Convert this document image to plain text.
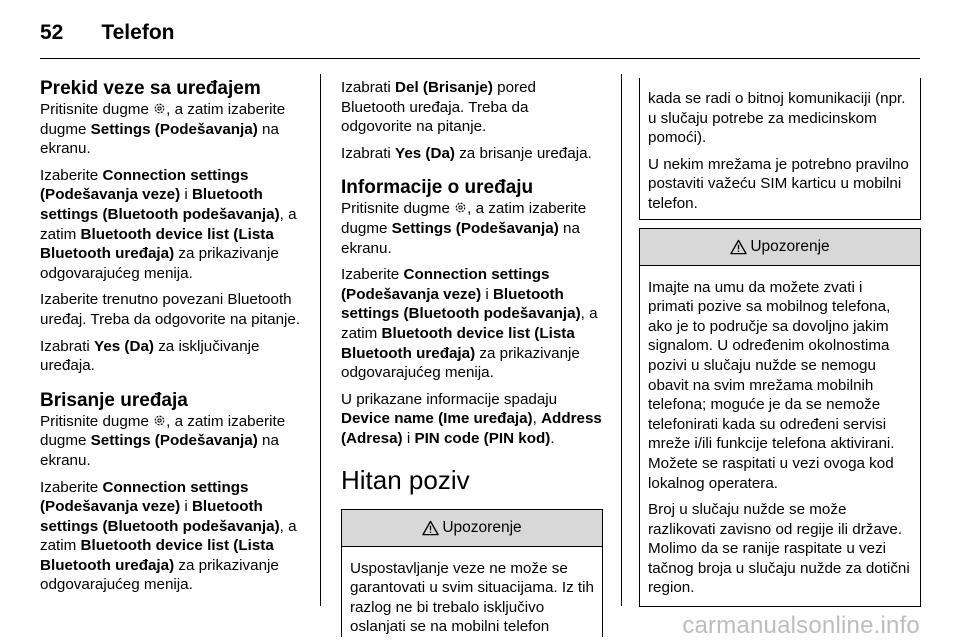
52 Telefon
Prekid veze sa uređajem

Pritisnite dugme , a zatim izaberite dugme Settings (Podešavanja) na ekranu.

Izaberite Connection settings (Podešavanja veze) i Bluetooth settings (Bluetooth podešavanja), a zatim Bluetooth device list (Lista Bluetooth uređaja) za prikazivanje odgovarajućeg menija.

Izaberite trenutno povezani Bluetooth uređaj. Treba da odgovorite na pitanje.

Izabrati Yes (Da) za isključivanje uređaja.

Brisanje uređaja

Pritisnite dugme , a zatim izaberite dugme Settings (Podešavanja) na ekranu.

Izaberite Connection settings (Podešavanja veze) i Bluetooth settings (Bluetooth podešavanja), a zatim Bluetooth device list (Lista Bluetooth uređaja) za prikazivanje odgovarajućeg menija.

Izabrati Del (Brisanje) pored Bluetooth uređaja. Treba da odgovorite na pitanje.

Izabrati Yes (Da) za brisanje uređaja.

Informacije o uređaju

Pritisnite dugme , a zatim izaberite dugme Settings (Podešavanja) na ekranu.

Izaberite Connection settings (Podešavanja veze) i Bluetooth settings (Bluetooth podešavanja), a zatim Bluetooth device list (Lista Bluetooth uređaja) za prikazivanje odgovarajućeg menija.

U prikazane informacije spadaju Device name (Ime uređaja), Address (Adresa) i PIN code (PIN kod).

Hitan poziv
Upozorenje
Uspostavljanje veze ne može se garantovati u svim situacijama. Iz tih razlog ne bi trebalo isključivo oslanjati se na mobilni telefon

kada se radi o bitnoj komunikaciji (npr. u slučaju potrebe za medicinskom pomoći).

U nekim mrežama je potrebno pravilno postaviti važeću SIM karticu u mobilni telefon.

Upozorenje

Imajte na umu da možete zvati i primati pozive sa mobilnog telefona, ako je to područje sa dovoljno jakim signalom. U određenim okolnostima pozivi u slučaju nužde se nemogu obavit na svim mrežama mobilnih telefona; moguće je da se nemože telefonirati kada su određeni servisi mreže i/ili funkcije telefona aktivirani. Možete se raspitati u vezi ovoga kod lokalnog operatera.

Broj u slučaju nužde se može razlikovati zavisno od regije ili države. Molimo da se ranije raspitate u vezi tačnog broja u slučaju nužde za dotični region.

carmanualsonline.info
